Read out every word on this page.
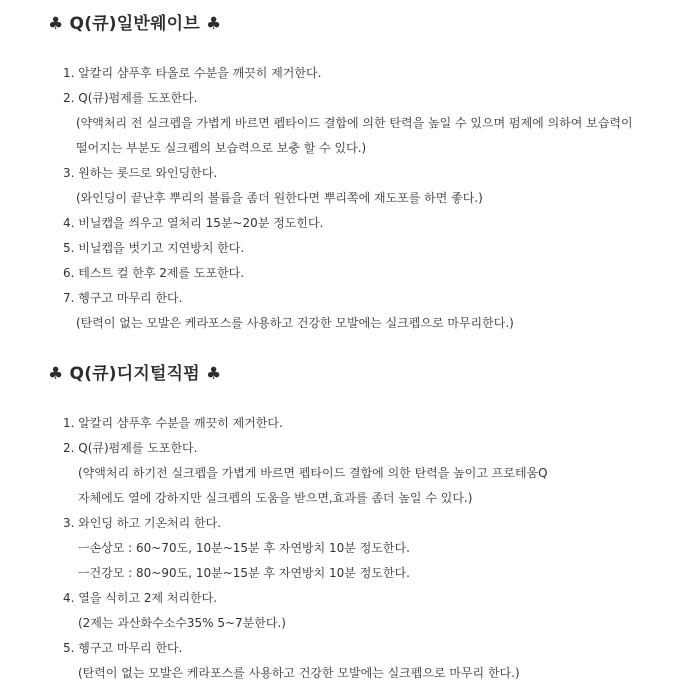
♣ Q(큐)일반웨이브 ♣
1. 알칼리 샴푸후 타올로 수분을 깨끗히 제거한다.
2. Q(큐)펌제를 도포한다.
(약액처리 전 실크펩을 가볍게 바르면 펩타이드 결합에 의한 탄력을 높일 수 있으며 펌제에 의하여 보습력이
떨어지는 부분도 실크펩의 보습력으로 보충 할 수 있다.)
3. 원하는 롯드로 와인딩한다.
(와인딩이 끝난후 뿌리의 볼륨을 좀더 원한다면 뿌리쪽에 재도포를 하면 좋다.)
4. 비닐캡을 씌우고 열처리 15분~20분 정도힌다.
5. 비닐캡을 벗기고 지연방치 한다.
6. 테스트 컬 한후 2제를 도포한다.
7. 헹구고 마무리 한다.
(탄력이 없는 모발은 케라포스를 사용하고 건강한 모발에는 실크펩으로 마무리한다.)
♣ Q(큐)디지털직펌 ♣
1. 알칼리 샴푸후 수분을 깨끗히 제거한다.
2. Q(큐)펌제를 도포한다.
(약액처리 하기전 실크펩을 가볍게 바르면 펩타이드 결합에 의한 탄력을 높이고 프로테움Q
자체에도 열에 강하지만 실크펩의 도움을 받으면,효과를 좀더 높일 수 있다.)
3. 와인딩 하고 기온처리 한다.
ㅡ손상모 : 60~70도, 10분~15분 후 자연방치 10분 정도한다.
ㅡ건강모 : 80~90도, 10분~15분 후 자연방치 10분 정도한다.
4. 열을 식히고 2제 처리한다.
(2제는 과산화수소수35% 5~7분한다.)
5. 헹구고 마무리 한다.
(탄력이 없는 모발은 케라포스를 사용하고 건강한 모발에는 실크펩으로 마무리 한다.)
